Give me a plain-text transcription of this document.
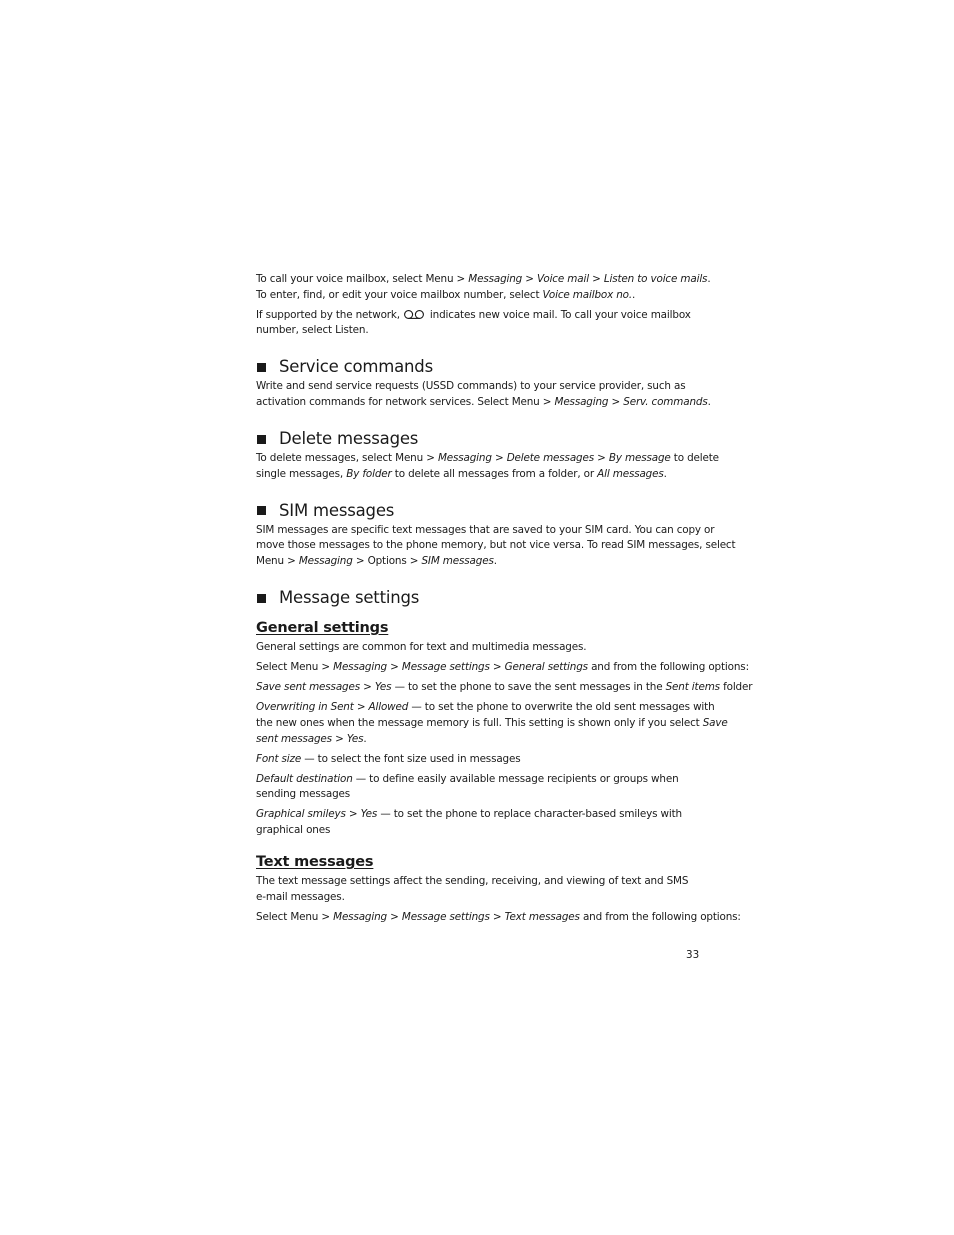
To call your voice mailbox, select Menu > Messaging > Voice mail > Listen to voice mails.
To enter, find, or edit your voice mailbox number, select Voice mailbox no..

If supported by the network,	indicates new voice mail. To call your voice mailbox
number, select Listen.

Service commands

Write and send service requests (USSD commands) to your service provider, such as
activation commands for network services. Select Menu > Messaging > Serv. commands.

Delete messages

To delete messages, select Menu > Messaging > Delete messages > By message to delete
single messages, By folder to delete all messages from a folder, or All messages.

SIM messages

SIM messages are specific text messages that are saved to your SIM card. You can copy or
move those messages to the phone memory, but not vice versa. To read SIM messages, select
Menu > Messaging > Options > SIM messages.

Message settings
General settings

General settings are common for text and multimedia messages.

Select Menu > Messaging > Message settings > General settings and from the following options:

Save sent messages > Yes — to set the phone to save the sent messages in the Sent items folder

Overwriting in Sent > Allowed — to set the phone to overwrite the old sent messages with
the new ones when the message memory is full. This setting is shown only if you select Save
sent messages > Yes.

Font size — to select the font size used in messages

Default destination — to define easily available message recipients or groups when
sending messages

Graphical smileys > Yes — to set the phone to replace character-based smileys with
graphical ones

Text messages

The text message settings affect the sending, receiving, and viewing of text and SMS
e-mail messages.

Select Menu > Messaging > Message settings > Text messages and from the following options:

33
